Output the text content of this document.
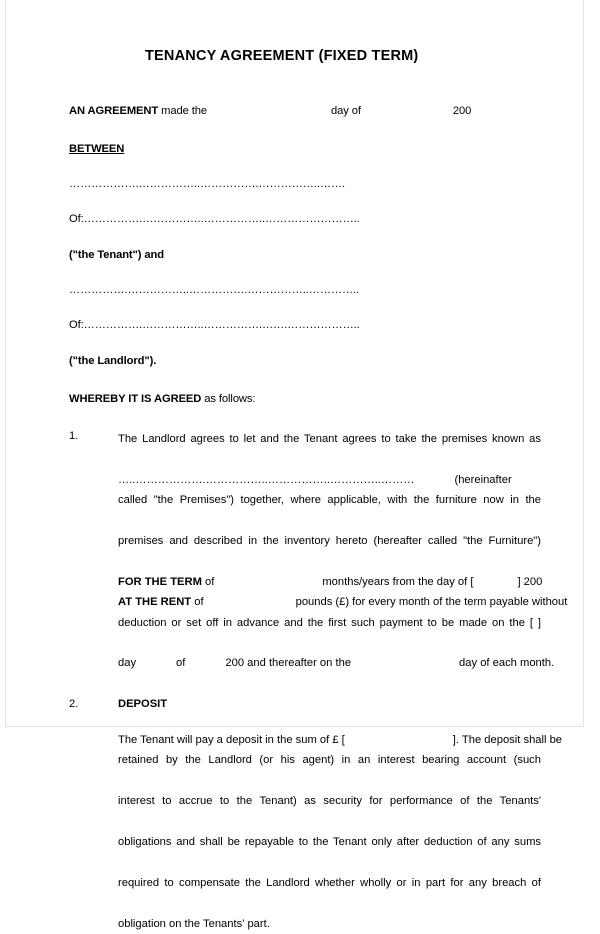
TENANCY AGREEMENT (FIXED TERM)
AN AGREEMENT made the	day of	200
BETWEEN
……………….……………..…………….……………..…….
Of:…………….……………..……………..……………………..
("the Tenant") and
…………….……………..…………….……………..…………..
Of:…………….……………..…………….…….………………..
("the Landlord").
WHEREBY IT IS AGREED as follows:
1.	The Landlord agrees to let and the Tenant agrees to take the premises known as
…..……………….……………..……………..…………..………	(hereinafter
called "the Premises") together, where applicable, with the furniture now in the
premises and described in the inventory hereto (hereafter called "the Furniture")
FOR THE TERM of	months/years from the day of [	] 200
AT THE RENT of	pounds (£) for every month of the term payable without
deduction or set off in advance and the first such payment to be made on the [ ]
day	of	200 and thereafter on the	day of each month.
2.	DEPOSIT
The Tenant will pay a deposit in the sum of £ [	]. The deposit shall be
retained by the Landlord (or his agent) in an interest bearing account (such
interest to accrue to the Tenant) as security for performance of the Tenants'
obligations and shall be repayable to the Tenant only after deduction of any sums
required to compensate the Landlord whether wholly or in part for any breach of
obligation on the Tenants' part.
